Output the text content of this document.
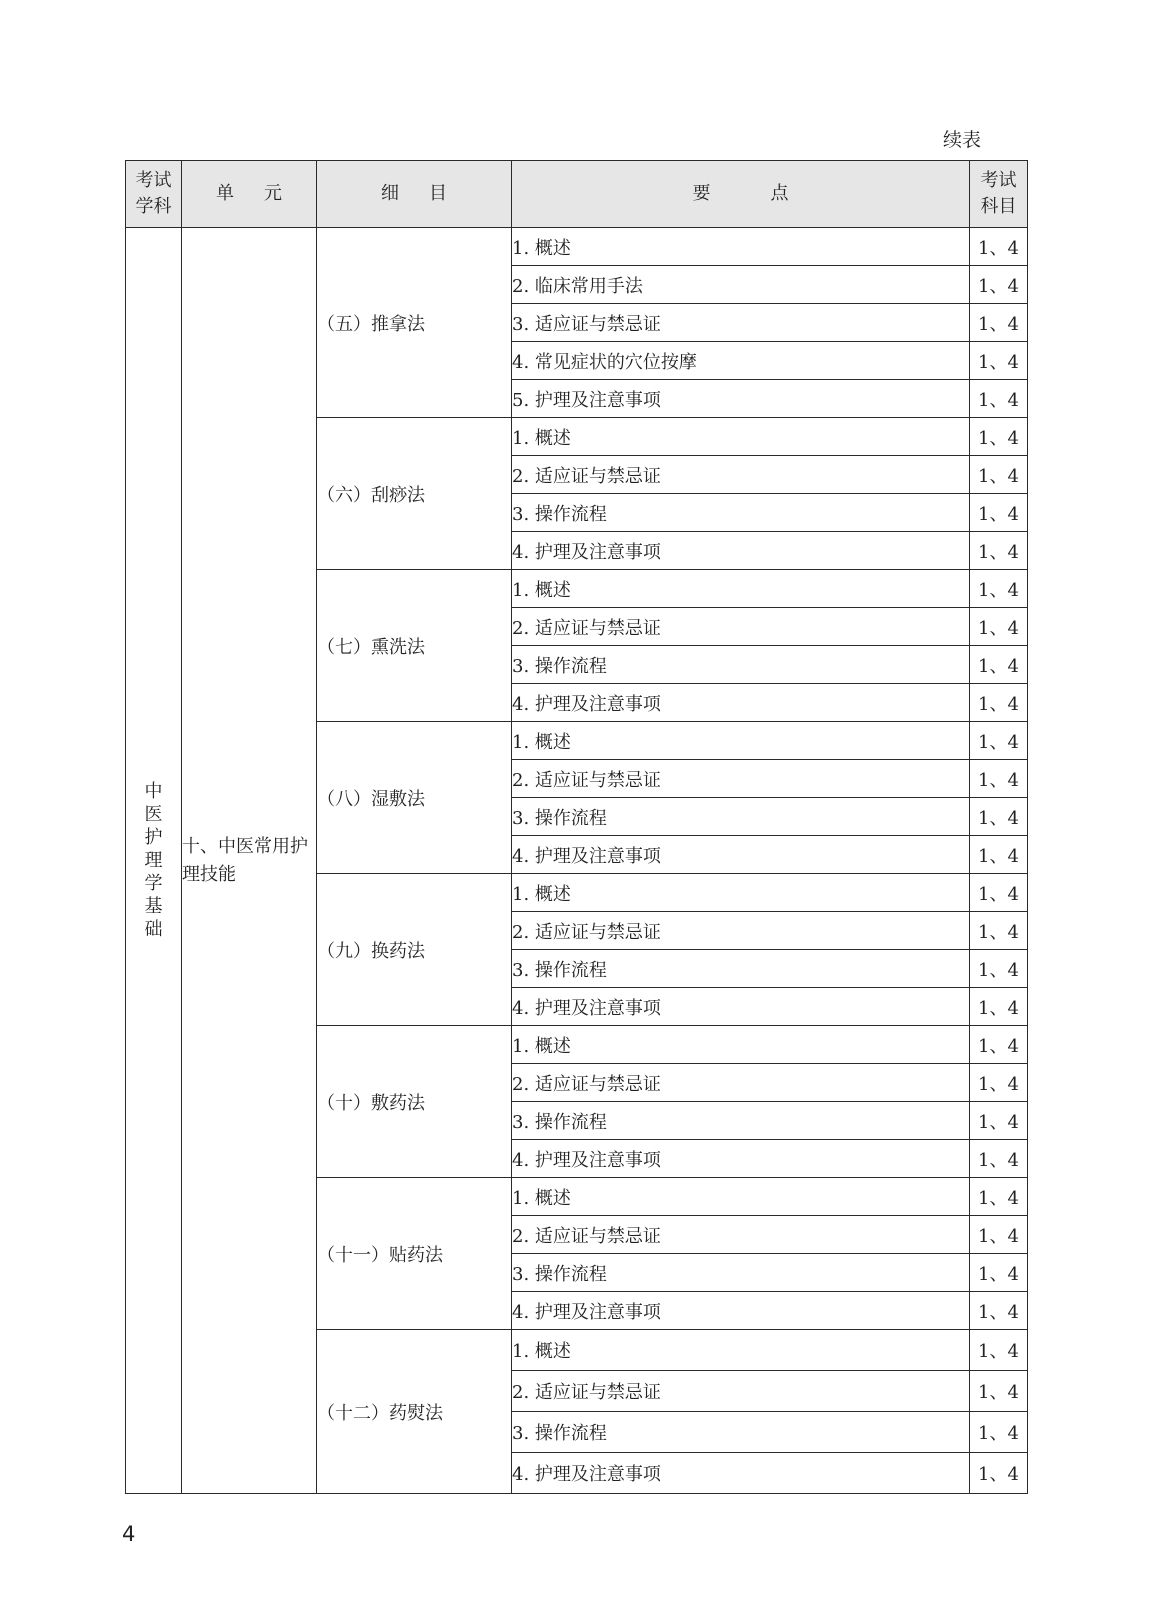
续表
考试学科	单元	细目	要点	考试科目

中医护理学基础	十、中医常用护理技能	（五）推拿法	1. 概述	1、4
			2. 临床常用手法	1、4
			3. 适应证与禁忌证	1、4
			4. 常见症状的穴位按摩	1、4
			5. 护理及注意事项	1、4
		（六）刮痧法	1. 概述	1、4
			2. 适应证与禁忌证	1、4
			3. 操作流程	1、4
			4. 护理及注意事项	1、4
		（七）熏洗法	1. 概述	1、4
			2. 适应证与禁忌证	1、4
			3. 操作流程	1、4
			4. 护理及注意事项	1、4
		（八）湿敷法	1. 概述	1、4
			2. 适应证与禁忌证	1、4
			3. 操作流程	1、4
			4. 护理及注意事项	1、4
		（九）换药法	1. 概述	1、4
			2. 适应证与禁忌证	1、4
			3. 操作流程	1、4
			4. 护理及注意事项	1、4
		（十）敷药法	1. 概述	1、4
			2. 适应证与禁忌证	1、4
			3. 操作流程	1、4
			4. 护理及注意事项	1、4
		（十一）贴药法	1. 概述	1、4
			2. 适应证与禁忌证	1、4
			3. 操作流程	1、4
			4. 护理及注意事项	1、4
		（十二）药熨法	1. 概述	1、4
			2. 适应证与禁忌证	1、4
			3. 操作流程	1、4
			4. 护理及注意事项	1、4
4
